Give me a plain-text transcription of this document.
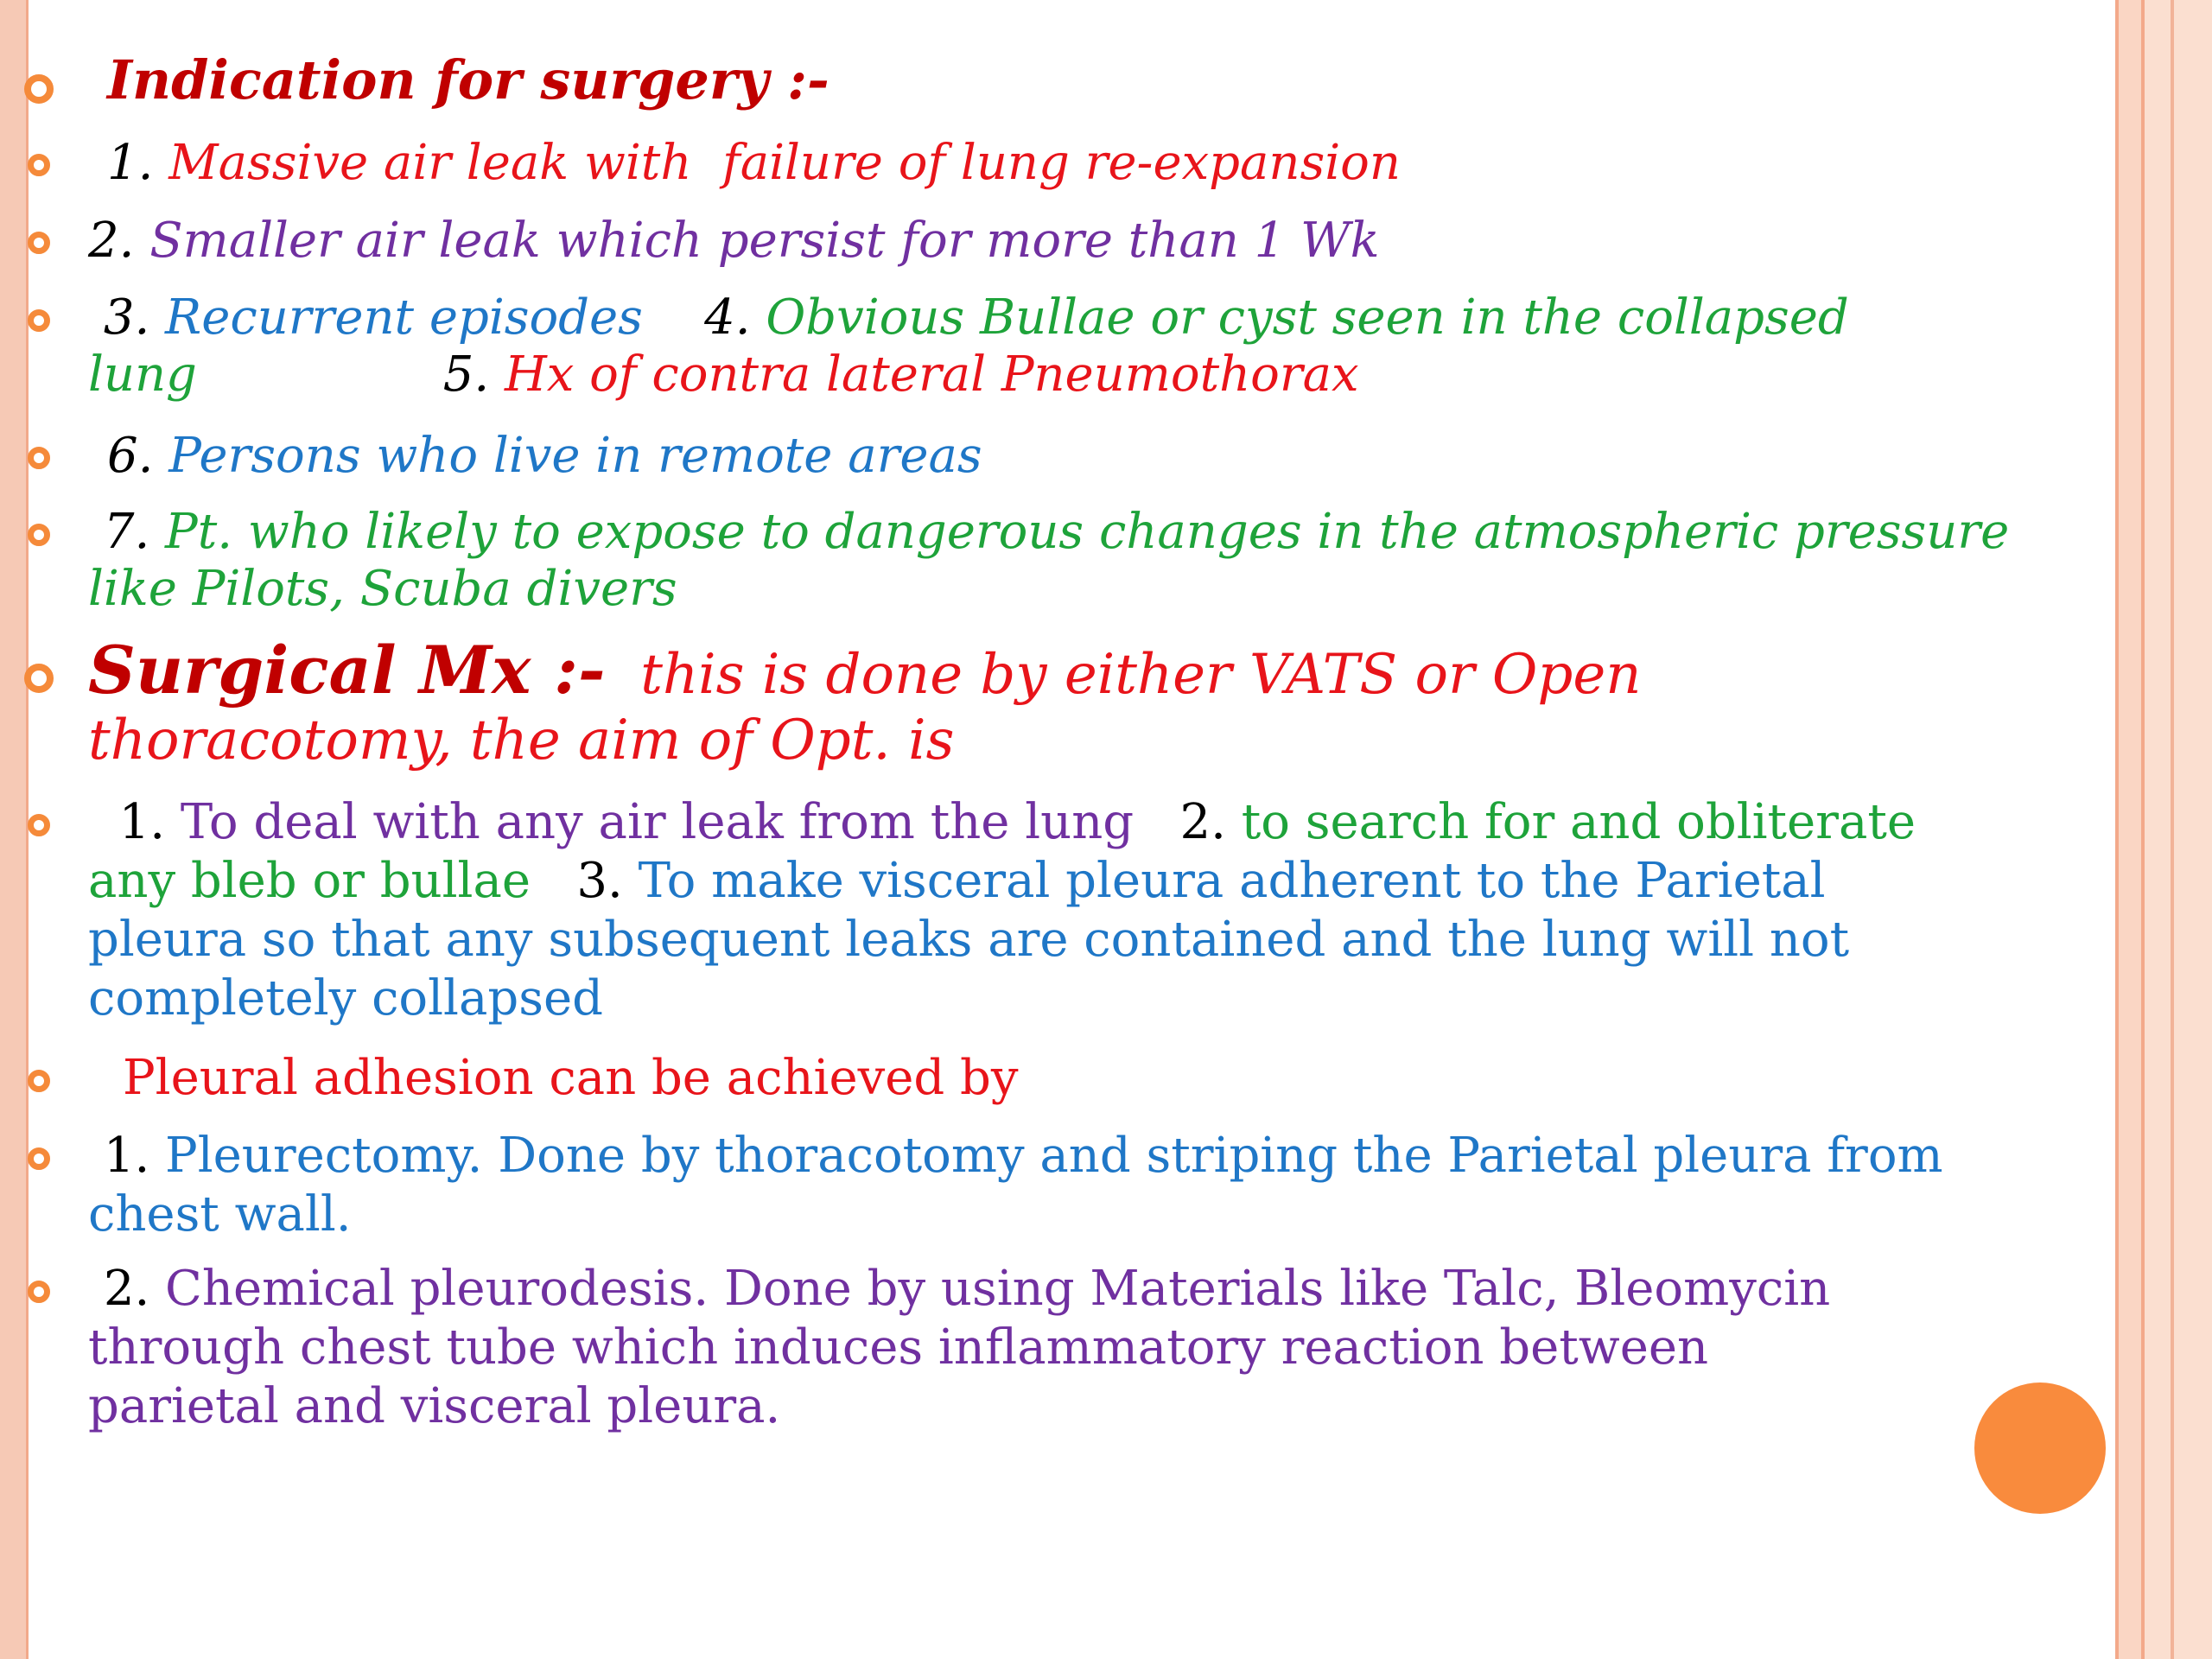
Indication for surgery :-

1. Massive air leak with  failure of lung re-expansion

2. Smaller air leak which persist for more than 1 Wk

3. Recurrent episodes    4. Obvious Bullae or cyst seen in the collapsed lung	5. Hx of contra lateral Pneumothorax

6. Persons who live in remote areas

7. Pt. who likely to expose to dangerous changes in the atmospheric pressure like Pilots, Scuba divers

Surgical Mx :- this is done by either VATS or Open thoracotomy, the aim of Opt. is

1. To deal with any air leak from the lung 2. to search for and obliterate any bleb or bullae 3. To make visceral pleura adherent to the Parietal pleura so that any subsequent leaks are contained and the lung will not completely collapsed

Pleural adhesion can be achieved by

1. Pleurectomy. Done by thoracotomy and striping the Parietal pleura from chest wall.

2. Chemical pleurodesis. Done by using Materials like Talc, Bleomycin  through chest tube which induces inflammatory reaction between parietal and visceral pleura.
